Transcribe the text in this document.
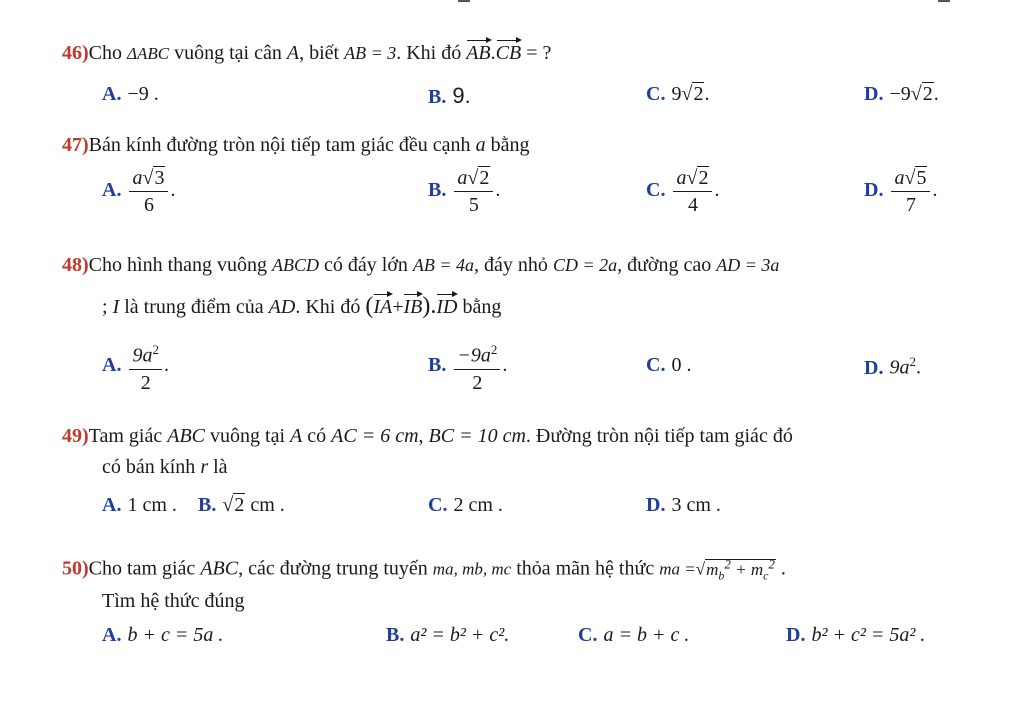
46)Cho ΔABC vuông tại cân A, biết AB = 3. Khi đó AB.CB = ?
A. −9 .	B. 9.	C. 9√2.	D. −9√2.
47)Bán kính đường tròn nội tiếp tam giác đều cạnh a bằng
A. $\frac{a√3}{6}$ .	B. $\frac{a√2}{5}$ .	C. $\frac{a√2}{4}$ .	D. $\frac{a√5}{7}$ .
48)Cho hình thang vuông ABCD có đáy lớn AB = 4a, đáy nhỏ CD = 2a, đường cao AD = 3a
; I là trung điểm của AD. Khi đó (IA+IB).ID bằng
A. $\frac{9a^2}{2}$ .	B. $\frac{-9a^2}{2}$ .	C. 0 .	D. $9a^2$.
49)Tam giác ABC vuông tại A có AC = 6 cm, BC = 10 cm. Đường tròn nội tiếp tam giác đó
có bán kính r là
A. 1 cm . B. √2 cm .	C. 2 cm .	D. 3 cm .
50)Cho tam giác ABC, các đường trung tuyến ma, mb, mc thỏa mãn hệ thức ma $=√m_b^2 + m_c^2$ .
Tìm hệ thức đúng
A. b + c = 5a .	B. a² = b² + c².	C. a = b + c .	D. b² + c² = 5a² .
